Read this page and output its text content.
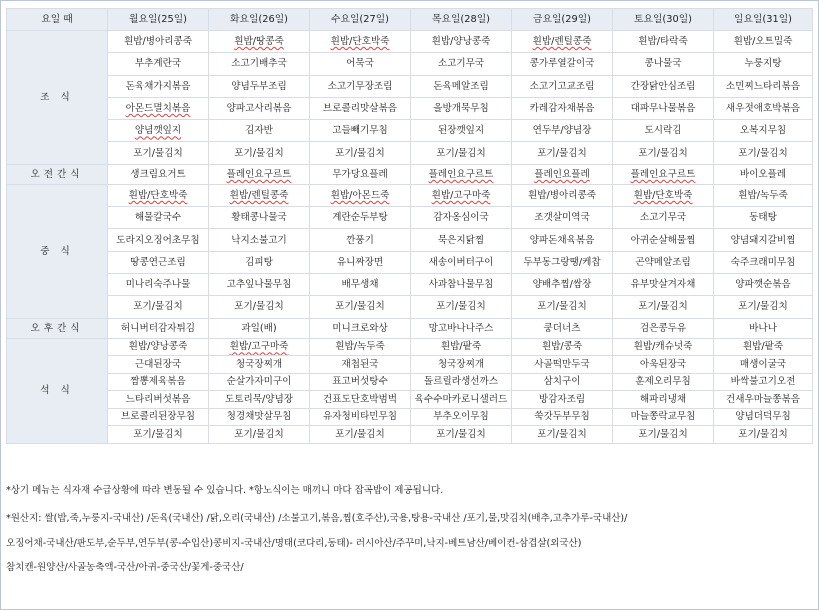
요일 때	월요일(25일)	화요일(26일)	수요일(27일)	목요일(28일)	금요일(29일)	토요일(30일)	일요일(31일)
조 식	흰밥/병아리콩죽	흰밥/땅콩죽	흰밥/단호박죽	흰밥/양낭콩죽	흰밥/렌틸콩죽	흰밥/타락죽	흰밥/오트밀죽
	부추계란국	소고기배추국	어묵국	소고기무국	콩가루열갈이국	콩나물국	누룽지탕
	돈육채가지볶음	양념두부조림	소고기무장조림	돈육메알조림	소고기고교조림	간장닭안심조림	소민찌느타리볶음
	아몬드멸치볶음	양파고사리볶음	브로콜리맛살볶음	올방개묵무침	카레감자채볶음	대파무나물볶음	새우젓애호박볶음
	양념깻잎지	김자반	고들빼기무침	된장깻잎지	연두부/양념장	도시락김	오복지무침
	포기/물김치	포기/물김치	포기/물김치	포기/물김치	포기/물김치	포기/물김치	포기/물김치
오전간식	생크림요거트	플레인요구르트	무가당요플레	플레인요구르트	플레인요플레	플레인요구르트	바이오플레
중 식	흰밥/단호박죽	흰밥/렌틸콩죽	흰밥/아몬드죽	흰밥/고구마죽	흰밥/병아리콩죽	흰밥/단호박죽	흰밥/녹두죽
	해물칼국수	황태콩나물국	계란순두부탕	감자옹심이국	조갯살미역국	소고기무국	동태탕
	도라지오징어초무침	낙지소불고기	깐풍기	묵은지닭찜	양파돈채육볶음	아귀순살해물찜	양념돼지갈비찜
	땅콩연근조림	김피탕	유니짜장면	새송이버터구이	두부동그랑땡/케찹	곤약메알조림	숙주크래미무침
	미나리숙주나물	고추잎나물무침	배무생채	사과참나물무침	양배추찜/쌈장	유부맛살겨자채	양파깻순볶음
	포기/물김치	포기/물김치	포기/물김치	포기/물김치	포기/물김치	포기/물김치	포기/물김치
오후간식	허니버터감자튀김	과일(배)	미니크로와상	망고바나나주스	쿵더너츠	검은콩두유	바나나
석 식	흰밥/양낭콩죽	흰밥/고구마죽	흰밥/녹두죽	흰밥/팥죽	흰밥/콩죽	흰밥/캐슈넛죽	흰밥/팥죽
	근대된장국	청국장찌개	재첩된국	청국장찌개	사골떡만두국	아욱된장국	매생이굴국
	짬뽕제육볶음	순살가자미구이	표고버섯탕수	돌르릴라생선까스	삼치구이	훈제오리무침	바싹불고기오전
	느타리버섯볶음	도토리묵/양념장	건표도단호박범벅	육수수마카로니샐러드	방감자조림	해파리냉채	건새우마늘쫑볶음
	브로콜리된장무침	청경채맛살무침	유자청비타민무침	부추오이무침	쑥갓두부무침	마늘쫑락교무침	양념더덕무침
	포기/물김치	포기/물김치	포기/물김치	포기/물김치	포기/물김치	포기/물김치	포기/물김치

*상기 메뉴는 식자재 수급상황에 따라 변동될 수 있습니다. *항노식이는 매끼니 마다 잡곡밥이 제공됩니다.

*원산지: 쌀(밥,죽,누룽지-국내산) /돈육(국내산) /닭,오리(국내산) /소불고기,볶음,찜(호주산),국용,탕용-국내산 /포기,물,맛김치(배추,고추가루-국내산)/

오징어채-국내산/판도부,순두부,연두부(콩-수입산)콩비지-국내산/명태(코다리,동태)- 러시아산/주꾸미,낙지-베트남산/베이컨-삼겹살(외국산)

참치캔-원양산/사골농축액-국산/아귀-중국산/꽃게-중국산/
